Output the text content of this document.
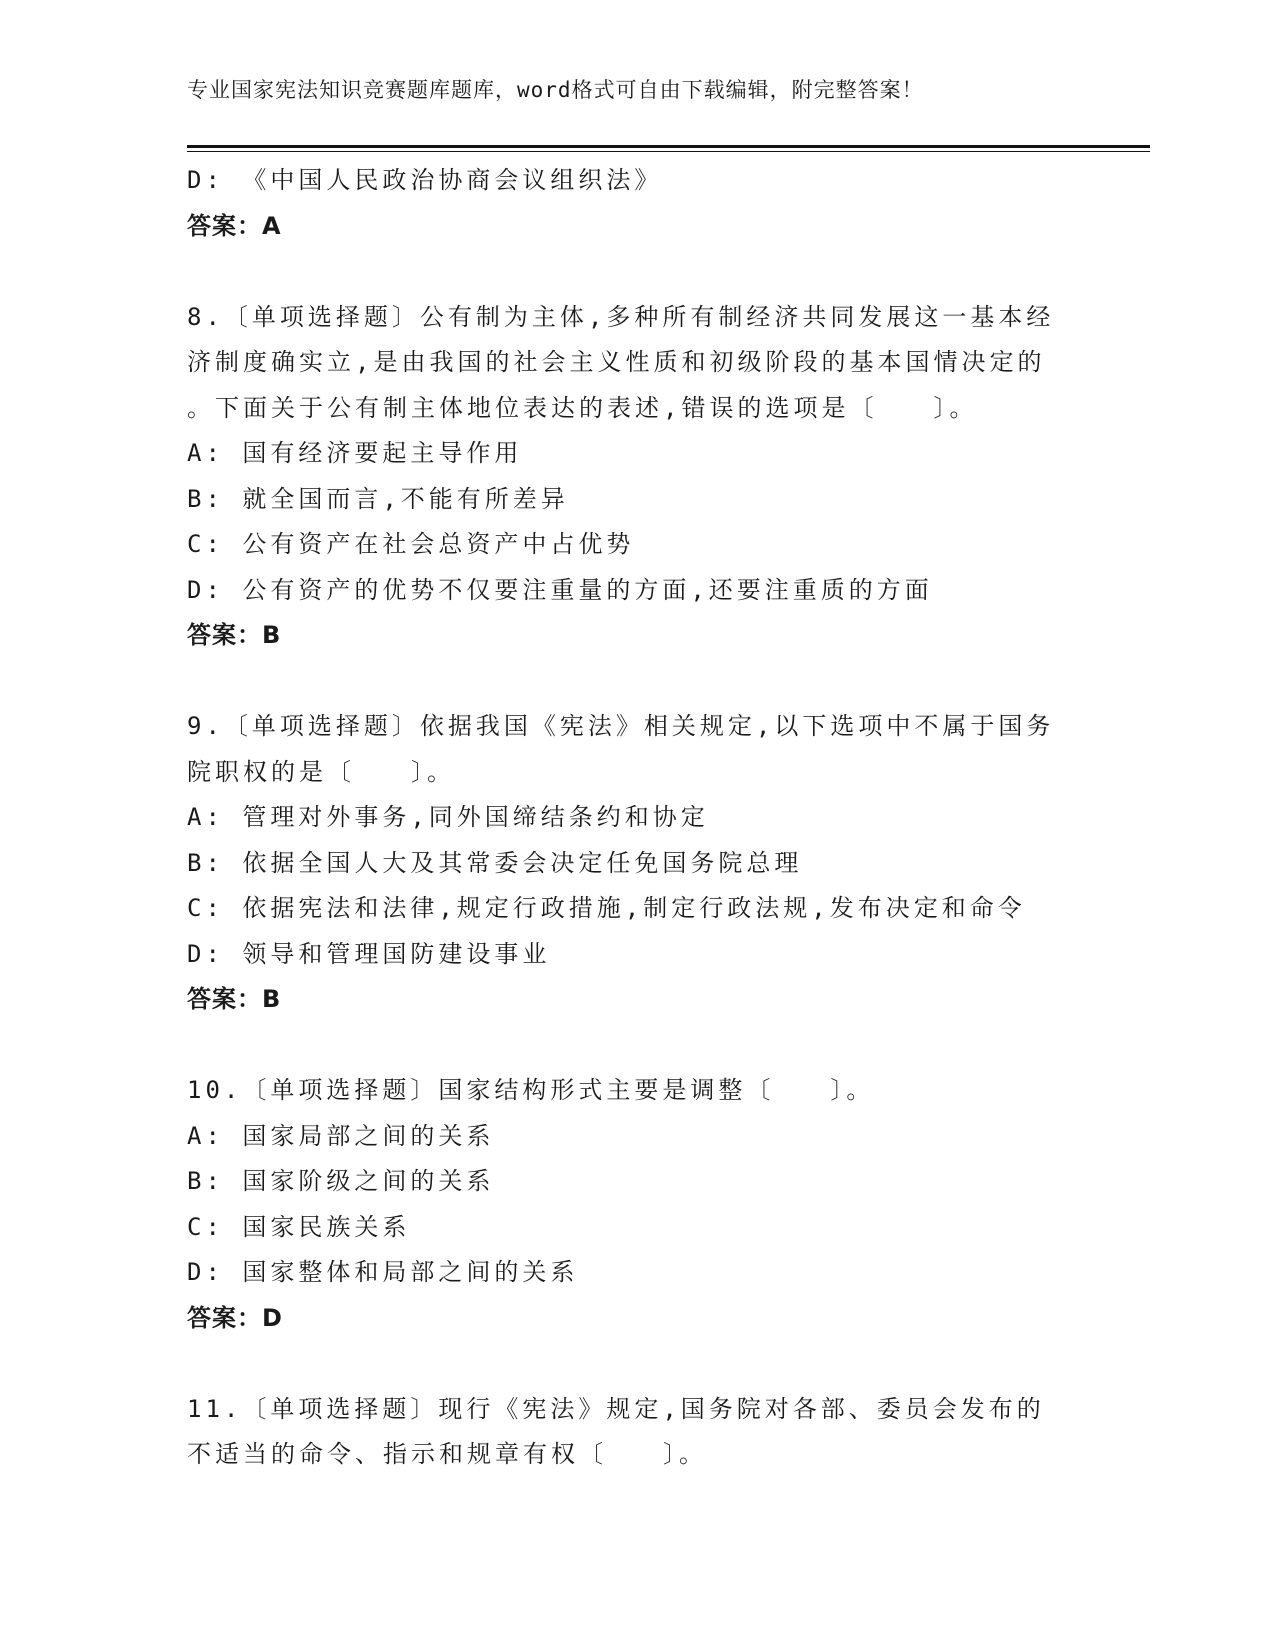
专业国家宪法知识竞赛题库题库，word格式可自由下载编辑，附完整答案！
D: 《中国人民政治协商会议组织法》
答案：A
8.〔单项选择题〕公有制为主体,多种所有制经济共同发展这一基本经
济制度确实立,是由我国的社会主义性质和初级阶段的基本国情决定的
。下面关于公有制主体地位表达的表述,错误的选项是〔　　〕。
A: 国有经济要起主导作用
B: 就全国而言,不能有所差异
C: 公有资产在社会总资产中占优势
D: 公有资产的优势不仅要注重量的方面,还要注重质的方面
答案：B
9.〔单项选择题〕依据我国《宪法》相关规定,以下选项中不属于国务
院职权的是〔　　〕。
A: 管理对外事务,同外国缔结条约和协定
B: 依据全国人大及其常委会决定任免国务院总理
C: 依据宪法和法律,规定行政措施,制定行政法规,发布决定和命令
D: 领导和管理国防建设事业
答案：B
10.〔单项选择题〕国家结构形式主要是调整〔　　〕。
A: 国家局部之间的关系
B: 国家阶级之间的关系
C: 国家民族关系
D: 国家整体和局部之间的关系
答案：D
11.〔单项选择题〕现行《宪法》规定,国务院对各部、委员会发布的
不适当的命令、指示和规章有权〔　　〕。
